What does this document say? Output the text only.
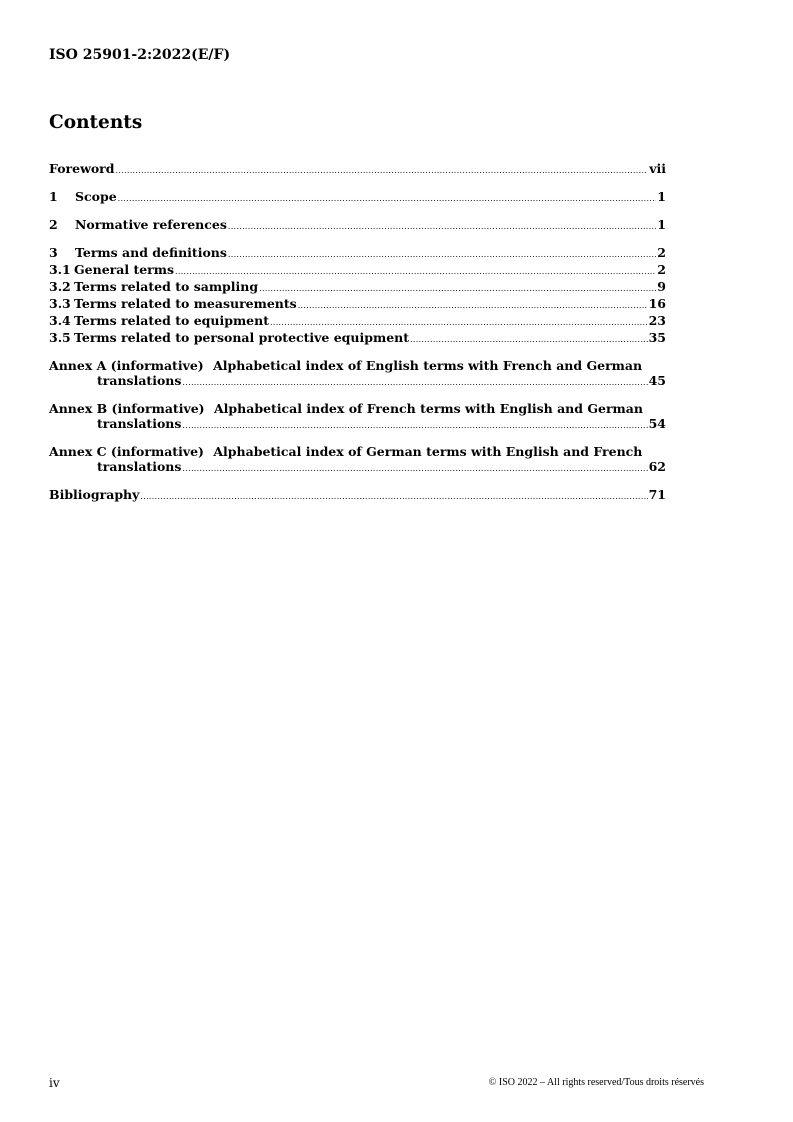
ISO 25901-2:2022(E/F)
Contents
Foreword .....	vii
1	Scope .....	1
2	Normative references .....	1
3	Terms and definitions .....	2
3.1 General terms .....	2
3.2 Terms related to sampling .....	9
3.3 Terms related to measurements .....	16
3.4 Terms related to equipment .....	23
3.5 Terms related to personal protective equipment .....	35
Annex A (informative) Alphabetical index of English terms with French and German
translations .....	45
Annex B (informative) Alphabetical index of French terms with English and German
translations .....	54
Annex C (informative) Alphabetical index of German terms with English and French
translations .....	62
Bibliography .....	71
iv	© ISO 2022 – All rights reserved/Tous droits réservés
